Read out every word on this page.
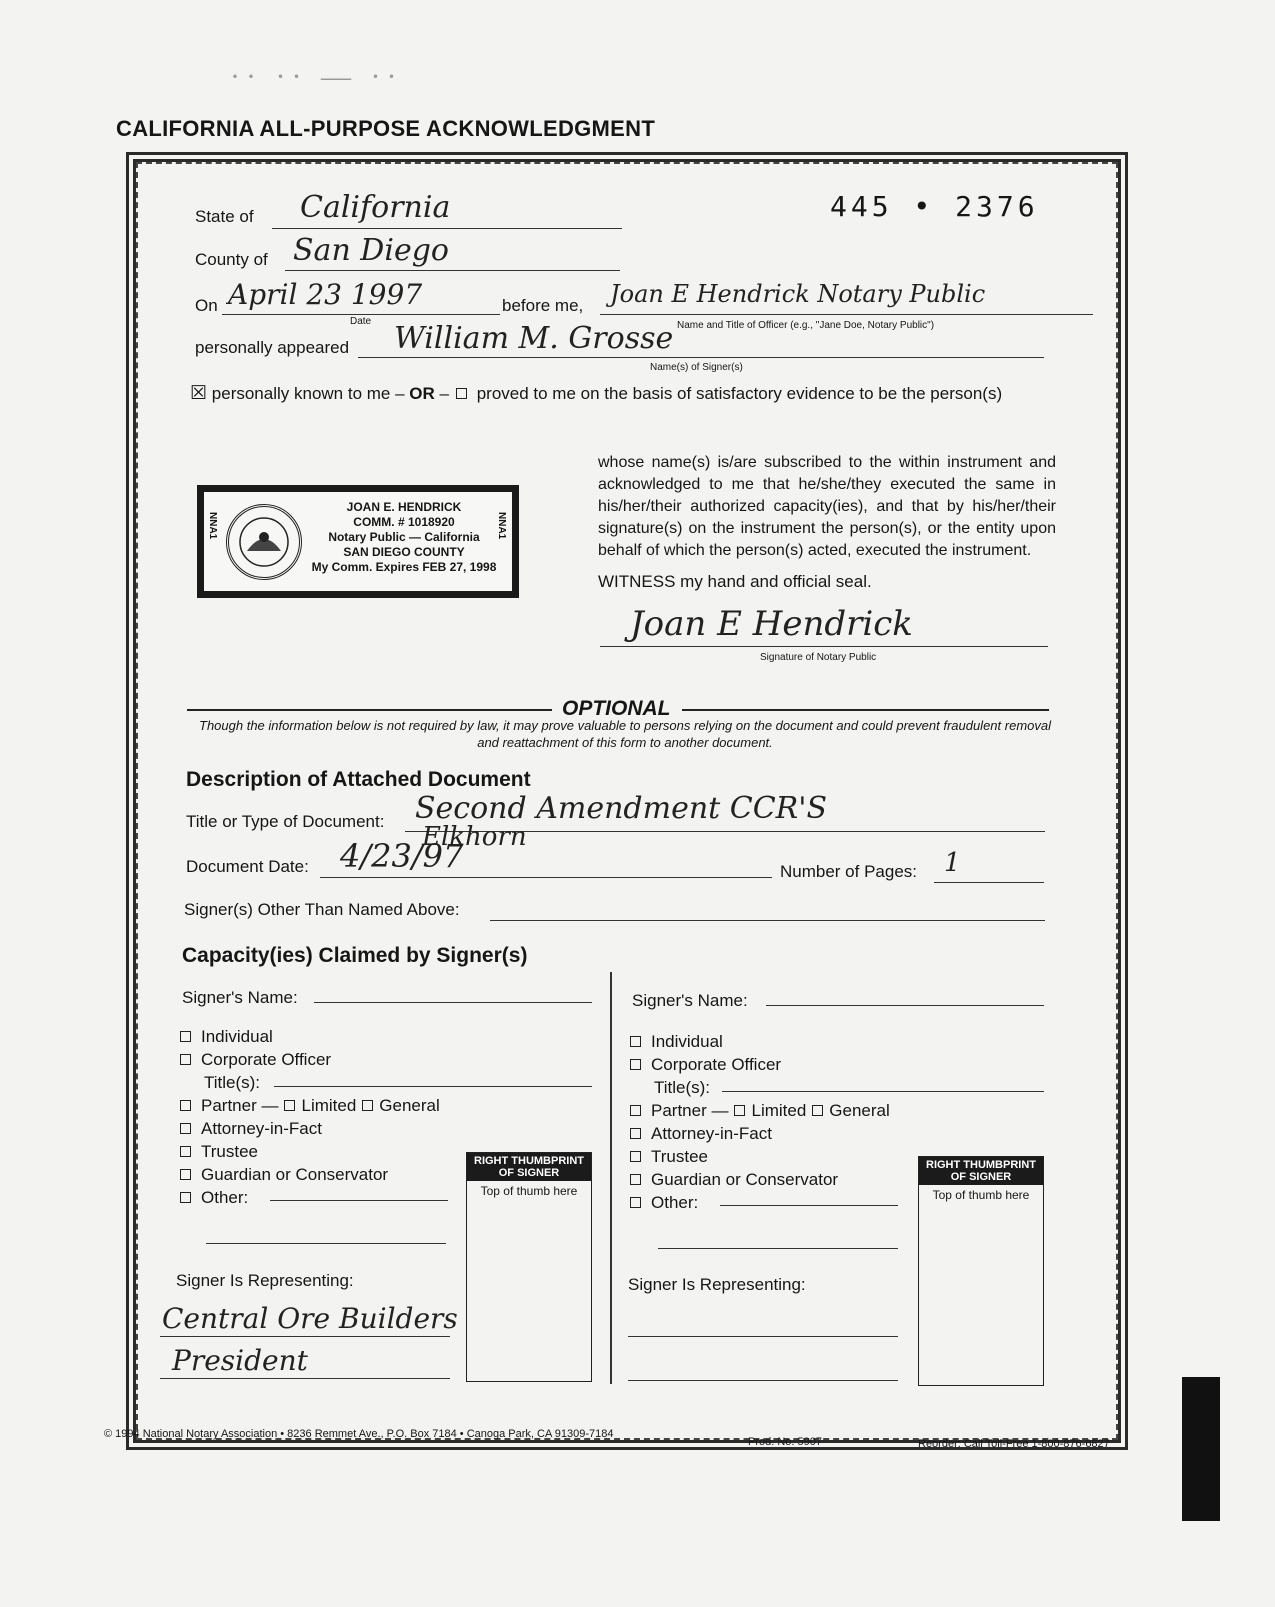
·· ·· — ··
CALIFORNIA ALL-PURPOSE ACKNOWLEDGMENT
445 • 2376
State of California
County of San Diego
On April 23 1997
Date
before me, Joan E Hendrick Notary Public
Name and Title of Officer (e.g., "Jane Doe, Notary Public")
personally appeared William M. Grosse
Name(s) of Signer(s)
☒ personally known to me – OR – proved to me on the basis of satisfactory evidence to be the person(s)
whose name(s) is/are subscribed to the within instrument and acknowledged to me that he/she/they executed the same in his/her/their authorized capacity(ies), and that by his/her/their signature(s) on the instrument the person(s), or the entity upon behalf of which the person(s) acted, executed the instrument.
NNA1
JOAN E. HENDRICK
COMM. # 1018920
Notary Public — California
SAN DIEGO COUNTY
My Comm. Expires FEB 27, 1998
NNA1
WITNESS my hand and official seal.
Joan E Hendrick
Signature of Notary Public
OPTIONAL
Though the information below is not required by law, it may prove valuable to persons relying on the document and could prevent fraudulent removal and reattachment of this form to another document.
Description of Attached Document
Title or Type of Document: Second Amendment CCR'S
Elkhorn
Document Date: 4/23/97	Number of Pages: 1
Signer(s) Other Than Named Above:
Capacity(ies) Claimed by Signer(s)
Signer's Name:
Individual
Corporate Officer
Title(s):
Partner — Limited General
Attorney-in-Fact
Trustee
Guardian or Conservator
Other:
RIGHT THUMBPRINT
OF SIGNER
Top of thumb here
Signer Is Representing:
Central Ore Builders
President
Signer's Name:
Individual
Corporate Officer
Title(s):
Partner — Limited General
Attorney-in-Fact
Trustee
Guardian or Conservator
Other:
RIGHT THUMBPRINT
OF SIGNER
Top of thumb here
Signer Is Representing:
© 1994 National Notary Association • 8236 Remmet Ave., P.O. Box 7184 • Canoga Park, CA 91309-7184
Prod. No. 5907	Reorder: Call Toll-Free 1-800-876-6827
